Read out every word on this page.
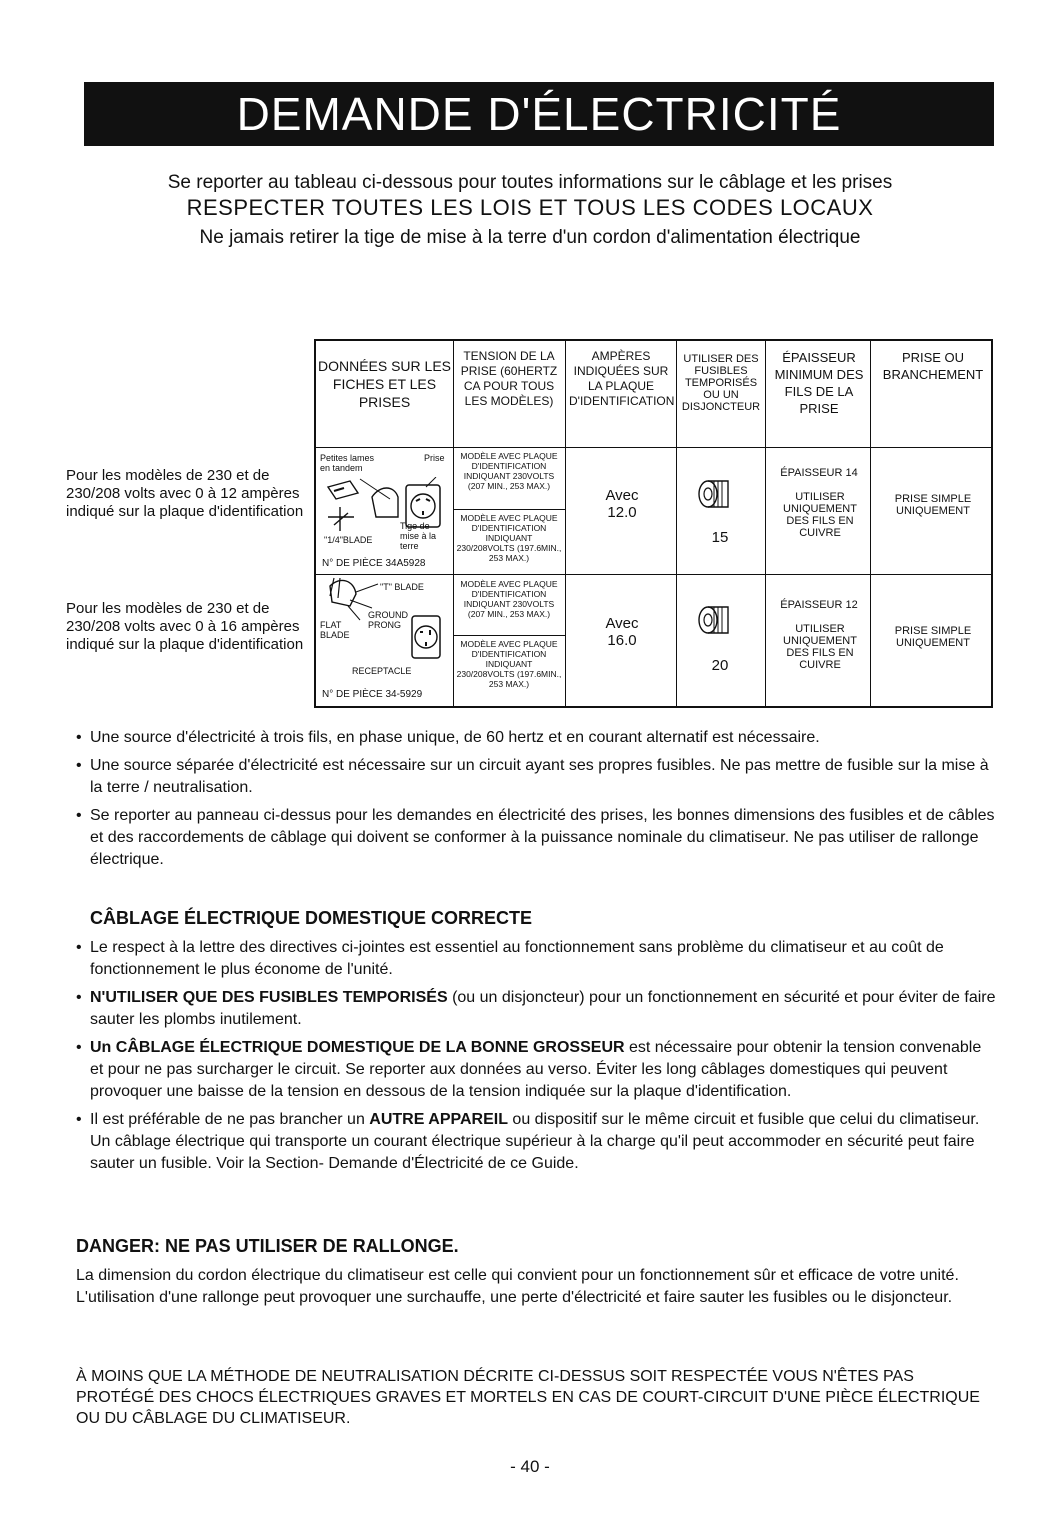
DEMANDE D'ÉLECTRICITÉ
Se reporter au tableau ci-dessous pour toutes informations sur le câblage et les prises
RESPECTER TOUTES LES LOIS ET TOUS LES CODES LOCAUX
Ne jamais retirer la tige de mise à la terre d'un cordon d'alimentation électrique
Pour les modèles de 230 et de 230/208 volts avec 0 à 12 ampères indiqué sur la plaque d'identification
Pour les modèles de 230 et de 230/208 volts avec 0 à 16 ampères indiqué sur la plaque d'identification
DONNÉES SUR LES FICHES ET LES PRISES
TENSION DE LA PRISE (60HERTZ CA POUR TOUS LES MODÈLES)
AMPÈRES INDIQUÉES SUR LA PLAQUE D'IDENTIFICATION
UTILISER DES FUSIBLES TEMPORISÉS OU UN DISJONCTEUR
ÉPAISSEUR MINIMUM DES FILS DE LA PRISE
PRISE OU BRANCHEMENT
Petites lames en tandem
Prise
Tige de mise à la terre
"1/4"BLADE
N° DE PIÈCE 34A5928
MODÈLE AVEC PLAQUE D'IDENTIFICATION INDIQUANT 230VOLTS (207 MIN., 253 MAX.)
MODÈLE AVEC PLAQUE D'IDENTIFICATION INDIQUANT 230/208VOLTS (197.6MIN., 253 MAX.)
Avec 12.0
15
ÉPAISSEUR 14
UTILISER UNIQUEMENT DES FILS EN CUIVRE
PRISE SIMPLE UNIQUEMENT
"T" BLADE
GROUND PRONG
FLAT BLADE
RECEPTACLE
N° DE PIÈCE 34-5929
MODÈLE AVEC PLAQUE D'IDENTIFICATION INDIQUANT 230VOLTS (207 MIN., 253 MAX.)
MODÈLE AVEC PLAQUE D'IDENTIFICATION INDIQUANT 230/208VOLTS (197.6MIN., 253 MAX.)
Avec 16.0
20
ÉPAISSEUR 12
UTILISER UNIQUEMENT DES FILS EN CUIVRE
PRISE SIMPLE UNIQUEMENT
• Une source d'électricité à trois fils, en phase unique, de 60 hertz et en courant alternatif est nécessaire.
• Une source séparée d'électricité est nécessaire sur un circuit ayant ses propres fusibles. Ne pas mettre de fusible sur la mise à la terre / neutralisation.
• Se reporter au panneau ci-dessus pour les demandes en électricité des prises, les bonnes dimensions des fusibles et de câbles et des raccordements de câblage qui doivent se conformer à la puissance nominale du climatiseur. Ne pas utiliser de rallonge électrique.
CÂBLAGE ÉLECTRIQUE DOMESTIQUE CORRECTE
• Le respect à la lettre des directives ci-jointes est essentiel au fonctionnement sans problème du climatiseur et au coût de fonctionnement le plus économe de l'unité.
• N'UTILISER QUE DES FUSIBLES TEMPORISÉS (ou un disjoncteur) pour un fonctionnement en sécurité et pour éviter de faire sauter les plombs inutilement.
• Un CÂBLAGE ÉLECTRIQUE DOMESTIQUE DE LA BONNE GROSSEUR est nécessaire pour obtenir la tension convenable et pour ne pas surcharger le circuit. Se reporter aux données au verso. Éviter les long câblages domestiques qui peuvent provoquer une baisse de la tension en dessous de la tension indiquée sur la plaque d'identification.
• Il est préférable de ne pas brancher un AUTRE APPAREIL ou dispositif sur le même circuit et fusible que celui du climatiseur. Un câblage électrique qui transporte un courant électrique supérieur à la charge qu'il peut accommoder en sécurité peut faire sauter un fusible. Voir la Section- Demande d'Électricité de ce Guide.
DANGER: NE PAS UTILISER DE RALLONGE.
La dimension du cordon électrique du climatiseur est celle qui convient pour un fonctionnement sûr et efficace de votre unité. L'utilisation d'une rallonge peut provoquer une surchauffe, une perte d'électricité et faire sauter les fusibles ou le disjoncteur.
À MOINS QUE LA MÉTHODE DE NEUTRALISATION DÉCRITE CI-DESSUS SOIT RESPECTÉE VOUS N'ÊTES PAS PROTÉGÉ DES CHOCS ÉLECTRIQUES GRAVES ET MORTELS EN CAS DE COURT-CIRCUIT D'UNE PIÈCE ÉLECTRIQUE OU DU CÂBLAGE DU CLIMATISEUR.
- 40 -
